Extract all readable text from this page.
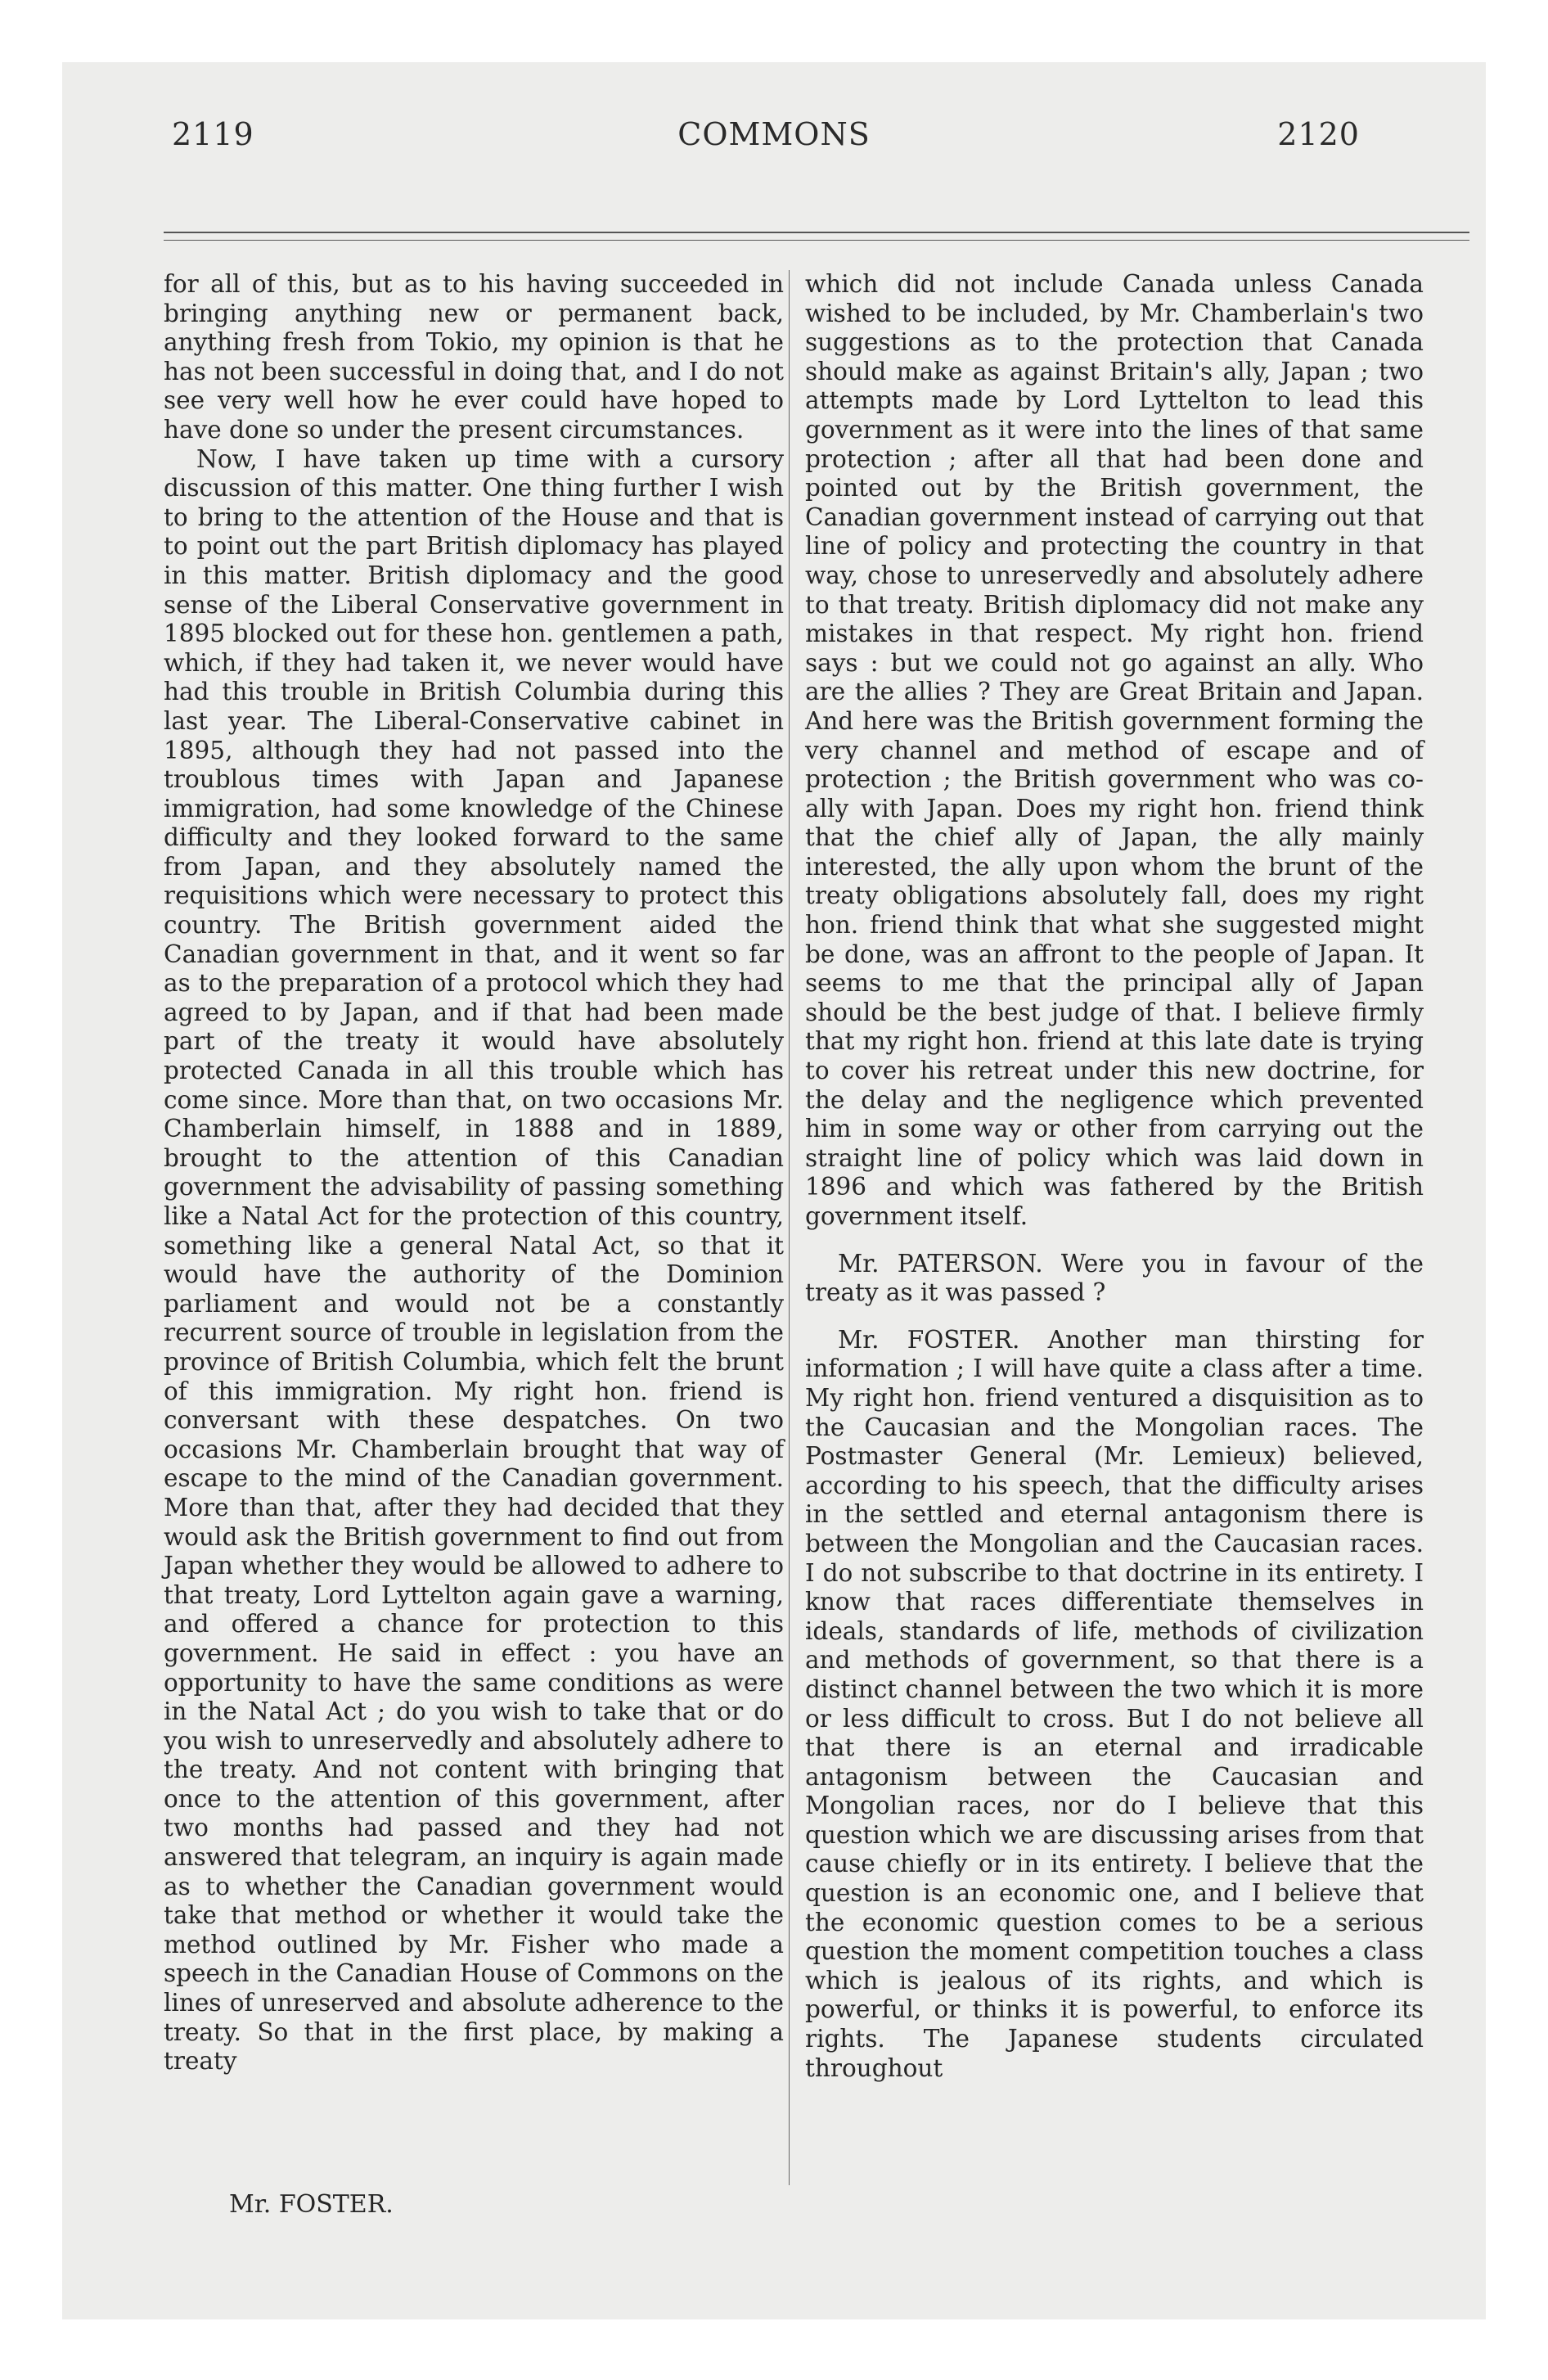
2119	COMMONS	2120

for all of this, but as to his having succeeded in bringing anything new or permanent back, anything fresh from Tokio, my opinion is that he has not been successful in doing that, and I do not see very well how he ever could have hoped to have done so under the present circumstances.

Now, I have taken up time with a cursory discussion of this matter. One thing further I wish to bring to the attention of the House and that is to point out the part British diplomacy has played in this matter. British diplomacy and the good sense of the Liberal Conservative government in 1895 blocked out for these hon. gentlemen a path, which, if they had taken it, we never would have had this trouble in British Columbia during this last year. The Liberal-Conservative cabinet in 1895, although they had not passed into the troublous times with Japan and Japanese immigration, had some knowledge of the Chinese difficulty and they looked forward to the same from Japan, and they absolutely named the requisitions which were necessary to protect this country. The British government aided the Canadian government in that, and it went so far as to the preparation of a protocol which they had agreed to by Japan, and if that had been made part of the treaty it would have absolutely protected Canada in all this trouble which has come since. More than that, on two occasions Mr. Chamberlain himself, in 1888 and in 1889, brought to the attention of this Canadian government the advisability of passing something like a Natal Act for the protection of this country, something like a general Natal Act, so that it would have the authority of the Dominion parliament and would not be a constantly recurrent source of trouble in legislation from the province of British Columbia, which felt the brunt of this immigration. My right hon. friend is conversant with these despatches. On two occasions Mr. Chamberlain brought that way of escape to the mind of the Canadian government. More than that, after they had decided that they would ask the British government to find out from Japan whether they would be allowed to adhere to that treaty, Lord Lyttelton again gave a warning, and offered a chance for protection to this government. He said in effect : you have an opportunity to have the same conditions as were in the Natal Act ; do you wish to take that or do you wish to unreservedly and absolutely adhere to the treaty. And not content with bringing that once to the attention of this government, after two months had passed and they had not answered that telegram, an inquiry is again made as to whether the Canadian government would take that method or whether it would take the method outlined by Mr. Fisher who made a speech in the Canadian House of Commons on the lines of unreserved and absolute adherence to the treaty. So that in the first place, by making a treaty

Mr. FOSTER.

which did not include Canada unless Canada wished to be included, by Mr. Chamberlain's two suggestions as to the protection that Canada should make as against Britain's ally, Japan ; two attempts made by Lord Lyttelton to lead this government as it were into the lines of that same protection ; after all that had been done and pointed out by the British government, the Canadian government instead of carrying out that line of policy and protecting the country in that way, chose to unreservedly and absolutely adhere to that treaty. British diplomacy did not make any mistakes in that respect. My right hon. friend says : but we could not go against an ally. Who are the allies ? They are Great Britain and Japan. And here was the British government forming the very channel and method of escape and of protection ; the British government who was co-ally with Japan. Does my right hon. friend think that the chief ally of Japan, the ally mainly interested, the ally upon whom the brunt of the treaty obligations absolutely fall, does my right hon. friend think that what she suggested might be done, was an affront to the people of Japan. It seems to me that the principal ally of Japan should be the best judge of that. I believe firmly that my right hon. friend at this late date is trying to cover his retreat under this new doctrine, for the delay and the negligence which prevented him in some way or other from carrying out the straight line of policy which was laid down in 1896 and which was fathered by the British government itself.

Mr. PATERSON. Were you in favour of the treaty as it was passed ?

Mr. FOSTER. Another man thirsting for information ; I will have quite a class after a time. My right hon. friend ventured a disquisition as to the Caucasian and the Mongolian races. The Postmaster General (Mr. Lemieux) believed, according to his speech, that the difficulty arises in the settled and eternal antagonism there is between the Mongolian and the Caucasian races. I do not subscribe to that doctrine in its entirety. I know that races differentiate themselves in ideals, standards of life, methods of civilization and methods of government, so that there is a distinct channel between the two which it is more or less difficult to cross. But I do not believe all that there is an eternal and irradicable antagonism between the Caucasian and Mongolian races, nor do I believe that this question which we are discussing arises from that cause chiefly or in its entirety. I believe that the question is an economic one, and I believe that the economic question comes to be a serious question the moment competition touches a class which is jealous of its rights, and which is powerful, or thinks it is powerful, to enforce its rights. The Japanese students circulated throughout
